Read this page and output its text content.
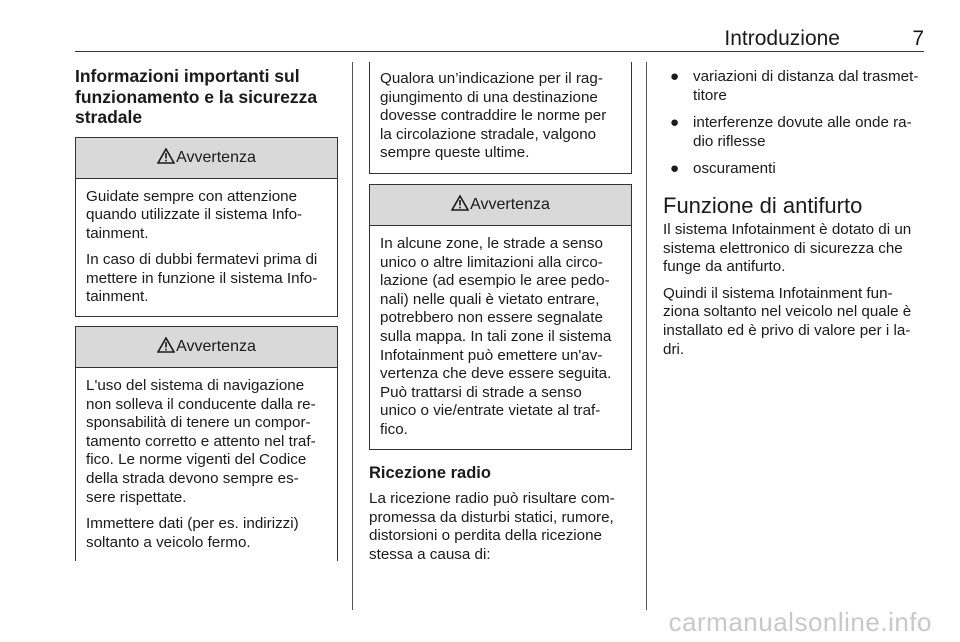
Introduzione	7
Informazioni importanti sul funzionamento e la sicurezza stradale
Avvertenza

Guidate sempre con attenzione quando utilizzate il sistema Info-tainment.

In caso di dubbi fermatevi prima di mettere in funzione il sistema Info-tainment.

Avvertenza

L'uso del sistema di navigazione non solleva il conducente dalla re-sponsabilità di tenere un compor-tamento corretto e attento nel traf-fico. Le norme vigenti del Codice della strada devono sempre es-sere rispettate.

Immettere dati (per es. indirizzi) soltanto a veicolo fermo.

Qualora un’indicazione per il rag-giungimento di una destinazione dovesse contraddire le norme per la circolazione stradale, valgono sempre queste ultime.

Avvertenza

In alcune zone, le strade a senso unico o altre limitazioni alla circo-lazione (ad esempio le aree pedo-nali) nelle quali è vietato entrare, potrebbero non essere segnalate sulla mappa. In tali zone il sistema Infotainment può emettere un'av-vertenza che deve essere seguita. Può trattarsi di strade a senso unico o vie/entrate vietate al traf-fico.

Ricezione radio

La ricezione radio può risultare com-promessa da disturbi statici, rumore, distorsioni o perdita della ricezione stessa a causa di:

● variazioni di distanza dal trasmet-titore
● interferenze dovute alle onde ra-dio riflesse
● oscuramenti
Funzione di antifurto

Il sistema Infotainment è dotato di un sistema elettronico di sicurezza che funge da antifurto.

Quindi il sistema Infotainment fun-ziona soltanto nel veicolo nel quale è installato ed è privo di valore per i la-dri.

carmanualsonline.info
